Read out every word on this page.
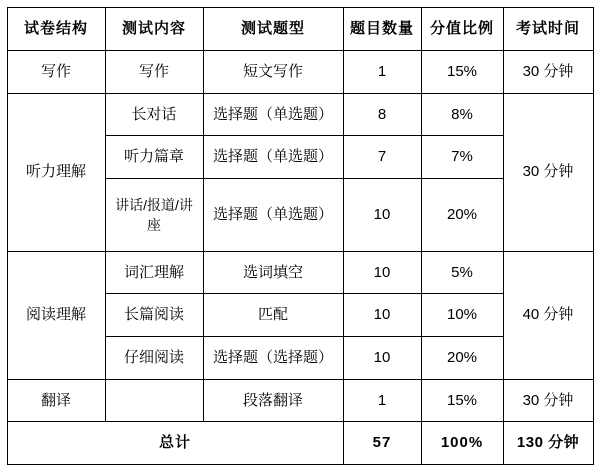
试卷结构	测试内容	测试题型	题目数量	分值比例	考试时间
写作	写作	短文写作	1	15%	30 分钟
听力理解	长对话	选择题（单选题）	8	8%	30 分钟
	听力篇章	选择题（单选题）	7	7%	
	讲话/报道/讲座	选择题（单选题）	10	20%	
阅读理解	词汇理解	选词填空	10	5%	40 分钟
	长篇阅读	匹配	10	10%	
	仔细阅读	选择题（选择题）	10	20%	
翻译		段落翻译	1	15%	30 分钟
总计			57	100%	130 分钟
